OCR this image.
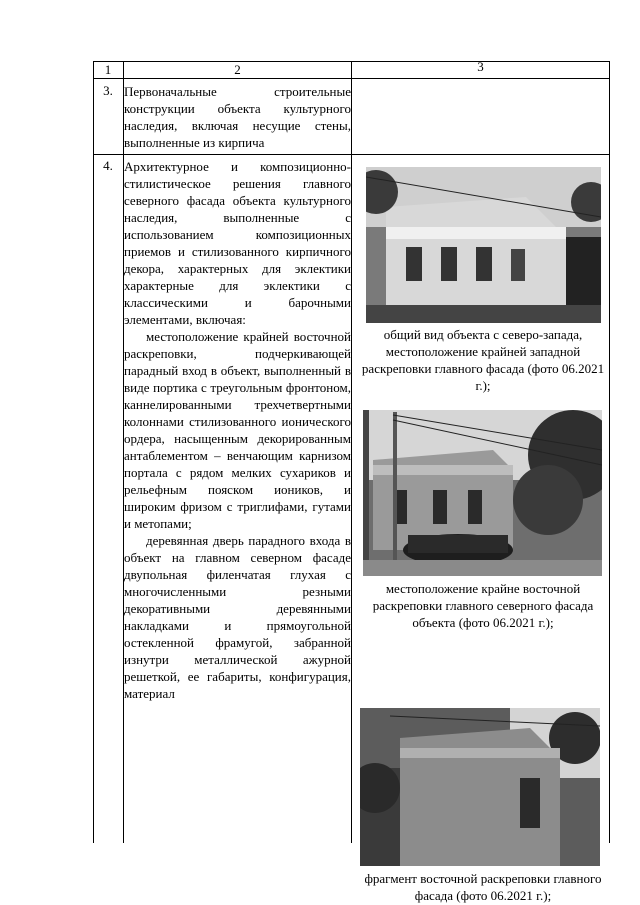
1	2	3
3. Первоначальные строительные конструкции объекта культурного наследия, включая несущие стены, выполненные из кирпича

4. Архитектурное и композиционно-стилистическое решения главного северного фасада объекта культурного наследия, выполненные с использованием композиционных приемов и стилизованного кирпичного декора, характерных для эклектики характерные для эклектики с классическими и барочными элементами, включая:

местоположение крайней восточной раскреповки, подчеркивающей парадный вход в объект, выполненный в виде портика с треугольным фронтоном, каннелированными трехчетвертными колоннами стилизованного ионического ордера, насыщенным декорированным антаблементом – венчающим карнизом портала с рядом мелких сухариков и рельефным пояском иоников, и широким фризом с триглифами, гутами и метопами;

деревянная дверь парадного входа в объект на главном северном фасаде двупольная филенчатая глухая с многочисленными резными декоративными деревянными накладками и прямоугольной остекленной фрамугой, забранной изнутри металлической ажурной решеткой, ее габариты, конфигурация, материал

общий вид объекта с северо-запада, местоположение крайней западной раскреповки главного фасада (фото 06.2021 г.);
местоположение крайне восточной раскреповки главного северного фасада объекта (фото 06.2021 г.);
фрагмент восточной раскреповки главного фасада (фото 06.2021 г.);
